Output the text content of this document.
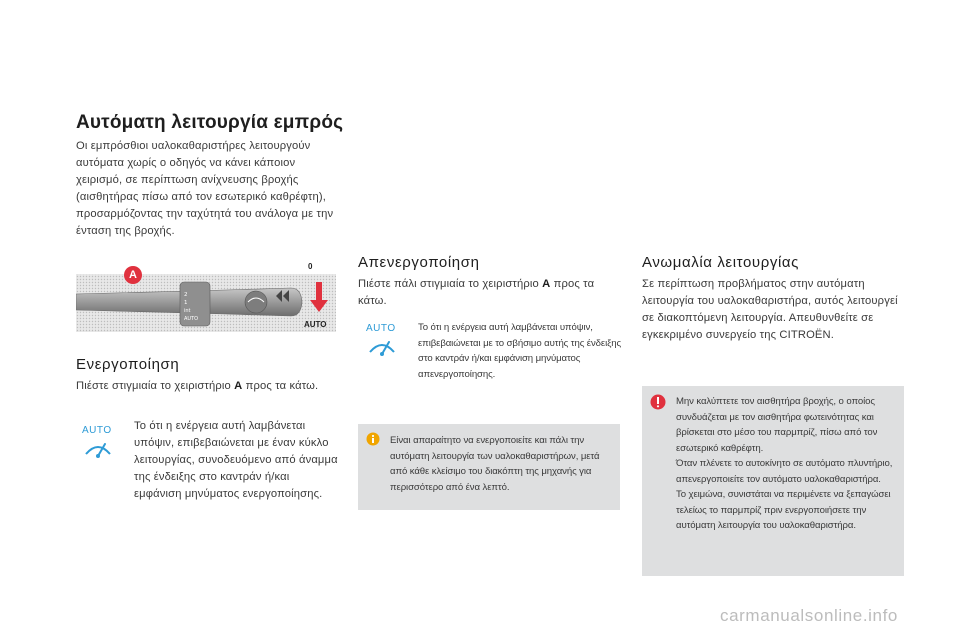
Αυτόματη λειτουργία εμπρός

Οι εμπρόσθιοι υαλοκαθαριστήρες λειτουργούν αυτόματα χωρίς ο οδηγός να κάνει κάποιον χειρισμό, σε περίπτωση ανίχνευσης βροχής (αισθητήρας πίσω από τον εσωτερικό καθρέφτη), προσαρμόζοντας την ταχύτητά του ανάλογα με την ένταση της βροχής.

2
1
int
AUTO
A
0
AUTO
Ενεργοποίηση

Πιέστε στιγμιαία το χειριστήριο A προς τα κάτω.

AUTO Το ότι η ενέργεια αυτή λαμβάνεται υπόψιν, επιβεβαιώνεται με έναν κύκλο λειτουργίας, συνοδευόμενο από άναμμα της ένδειξης στο καντράν ή/και εμφάνιση μηνύματος ενεργοποίησης.

Απενεργοποίηση

Πιέστε πάλι στιγμιαία το χειριστήριο A προς τα κάτω.

AUTO Το ότι η ενέργεια αυτή λαμβάνεται υπόψιν, επιβεβαιώνεται με το σβήσιμο αυτής της ένδειξης στο καντράν ή/και εμφάνιση μηνύματος απενεργοποίησης.

Είναι απαραίτητο να ενεργοποιείτε και πάλι την αυτόματη λειτουργία των υαλοκαθαριστήρων, μετά από κάθε κλείσιμο του διακόπτη της μηχανής για περισσότερο από ένα λεπτό.

Ανωμαλία λειτουργίας

Σε περίπτωση προβλήματος στην αυτόματη λειτουργία του υαλοκαθαριστήρα, αυτός λειτουργεί σε διακοπτόμενη λειτουργία. Απευθυνθείτε σε εγκεκριμένο συνεργείο της CITROËN.

Μην καλύπτετε τον αισθητήρα βροχής, ο οποίος συνδυάζεται με τον αισθητήρα φωτεινότητας και βρίσκεται στο μέσο του παρμπρίζ, πίσω από τον εσωτερικό καθρέφτη.

Όταν πλένετε το αυτοκίνητο σε αυτόματο πλυντήριο, απενεργοποιείτε τον αυτόματο υαλοκαθαριστήρα.

Το χειμώνα, συνιστάται να περιμένετε να ξεπαγώσει τελείως το παρμπρίζ πριν ενεργοποιήσετε την αυτόματη λειτουργία του υαλοκαθαριστήρα.

carmanualsonline.info
